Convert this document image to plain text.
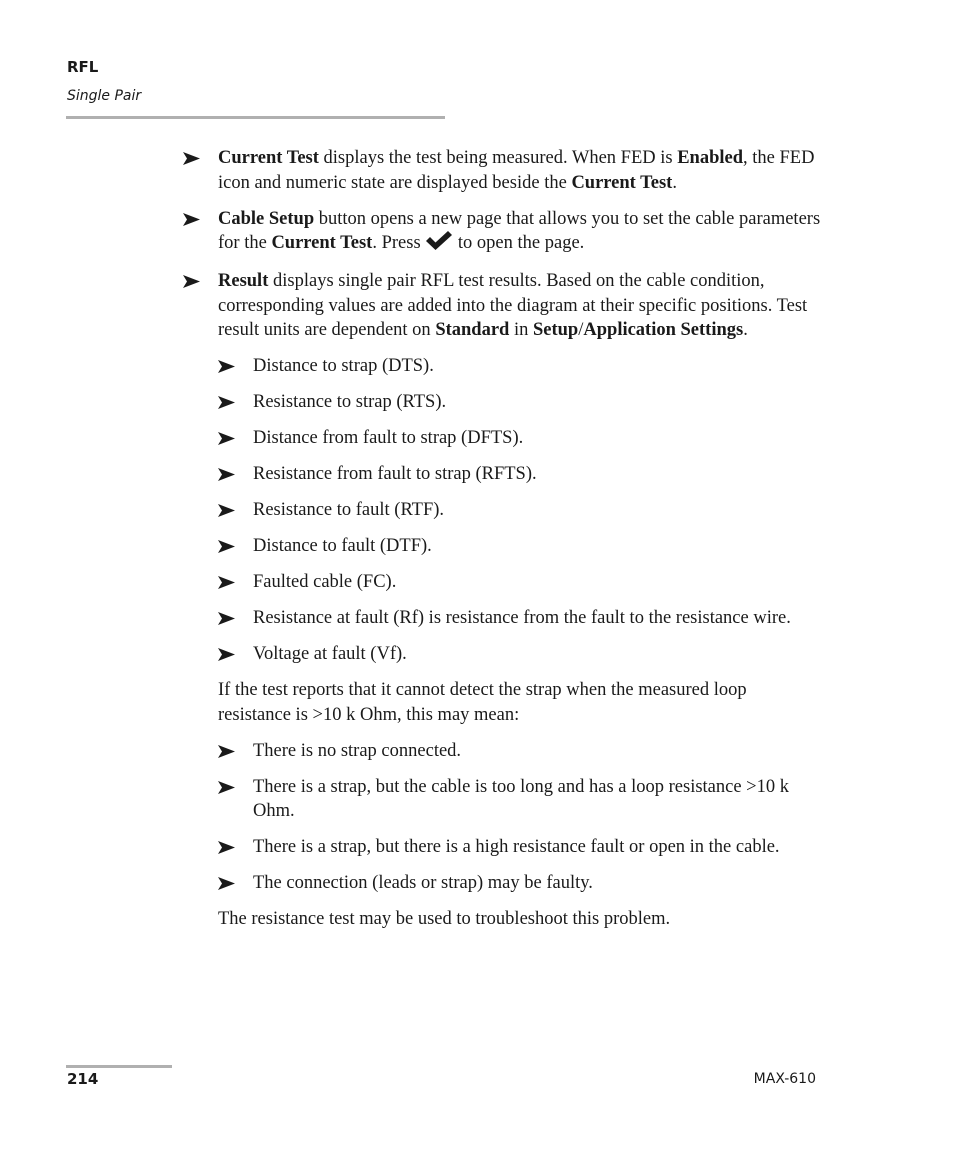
RFL
Single Pair
Current Test displays the test being measured. When FED is Enabled, the FED icon and numeric state are displayed beside the Current Test.
Cable Setup button opens a new page that allows you to set the cable parameters for the Current Test. Press  to open the page.
Result displays single pair RFL test results. Based on the cable condition, corresponding values are added into the diagram at their specific positions. Test result units are dependent on Standard in Setup/Application Settings.
Distance to strap (DTS).
Resistance to strap (RTS).
Distance from fault to strap (DFTS).
Resistance from fault to strap (RFTS).
Resistance to fault (RTF).
Distance to fault (DTF).
Faulted cable (FC).
Resistance at fault (Rf) is resistance from the fault to the resistance wire.
Voltage at fault (Vf).
If the test reports that it cannot detect the strap when the measured loop resistance is >10 k Ohm, this may mean:
There is no strap connected.
There is a strap, but the cable is too long and has a loop resistance >10 k Ohm.
There is a strap, but there is a high resistance fault or open in the cable.
The connection (leads or strap) may be faulty.
The resistance test may be used to troubleshoot this problem.
214	MAX-610
